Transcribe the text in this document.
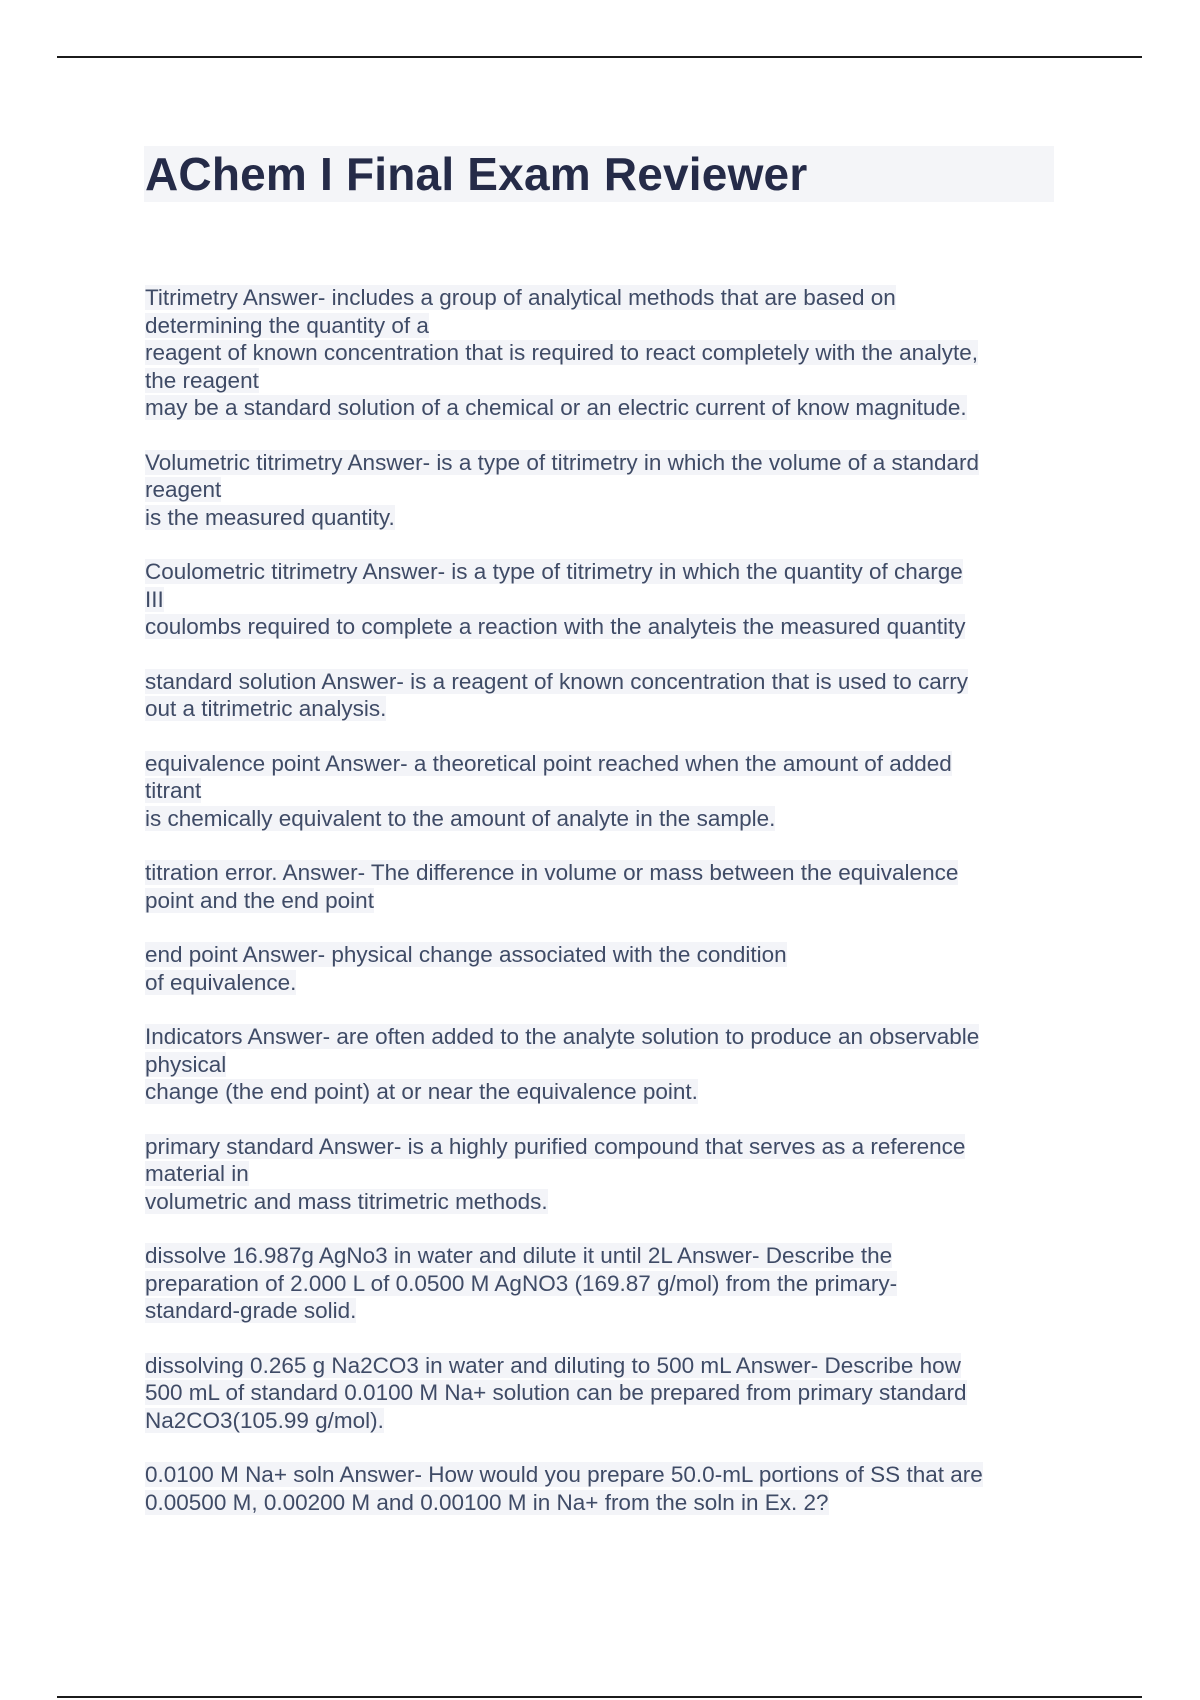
AChem I Final Exam Reviewer

Titrimetry Answer- includes a group of analytical methods that are based on
determining the quantity of a
reagent of known concentration that is required to react completely with the analyte,
the reagent
may be a standard solution of a chemical or an electric current of know magnitude.

Volumetric titrimetry Answer- is a type of titrimetry in which the volume of a standard
reagent
is the measured quantity.

Coulometric titrimetry Answer- is a type of titrimetry in which the quantity of charge
III
coulombs required to complete a reaction with the analyteis the measured quantity

standard solution Answer- is a reagent of known concentration that is used to carry
out a titrimetric analysis.

equivalence point Answer- a theoretical point reached when the amount of added
titrant
is chemically equivalent to the amount of analyte in the sample.

titration error. Answer- The difference in volume or mass between the equivalence
point and the end point

end point Answer- physical change associated with the condition
of equivalence.

Indicators Answer- are often added to the analyte solution to produce an observable
physical
change (the end point) at or near the equivalence point.

primary standard Answer- is a highly purified compound that serves as a reference
material in
volumetric and mass titrimetric methods.

dissolve 16.987g AgNo3 in water and dilute it until 2L Answer- Describe the
preparation of 2.000 L of 0.0500 M AgNO3 (169.87 g/mol) from the primary-
standard-grade solid.

dissolving 0.265 g Na2CO3 in water and diluting to 500 mL Answer- Describe how
500 mL of standard 0.0100 M Na+ solution can be prepared from primary standard
Na2CO3(105.99 g/mol).

0.0100 M Na+ soln Answer- How would you prepare 50.0-mL portions of SS that are
0.00500 M, 0.00200 M and 0.00100 M in Na+ from the soln in Ex. 2?
